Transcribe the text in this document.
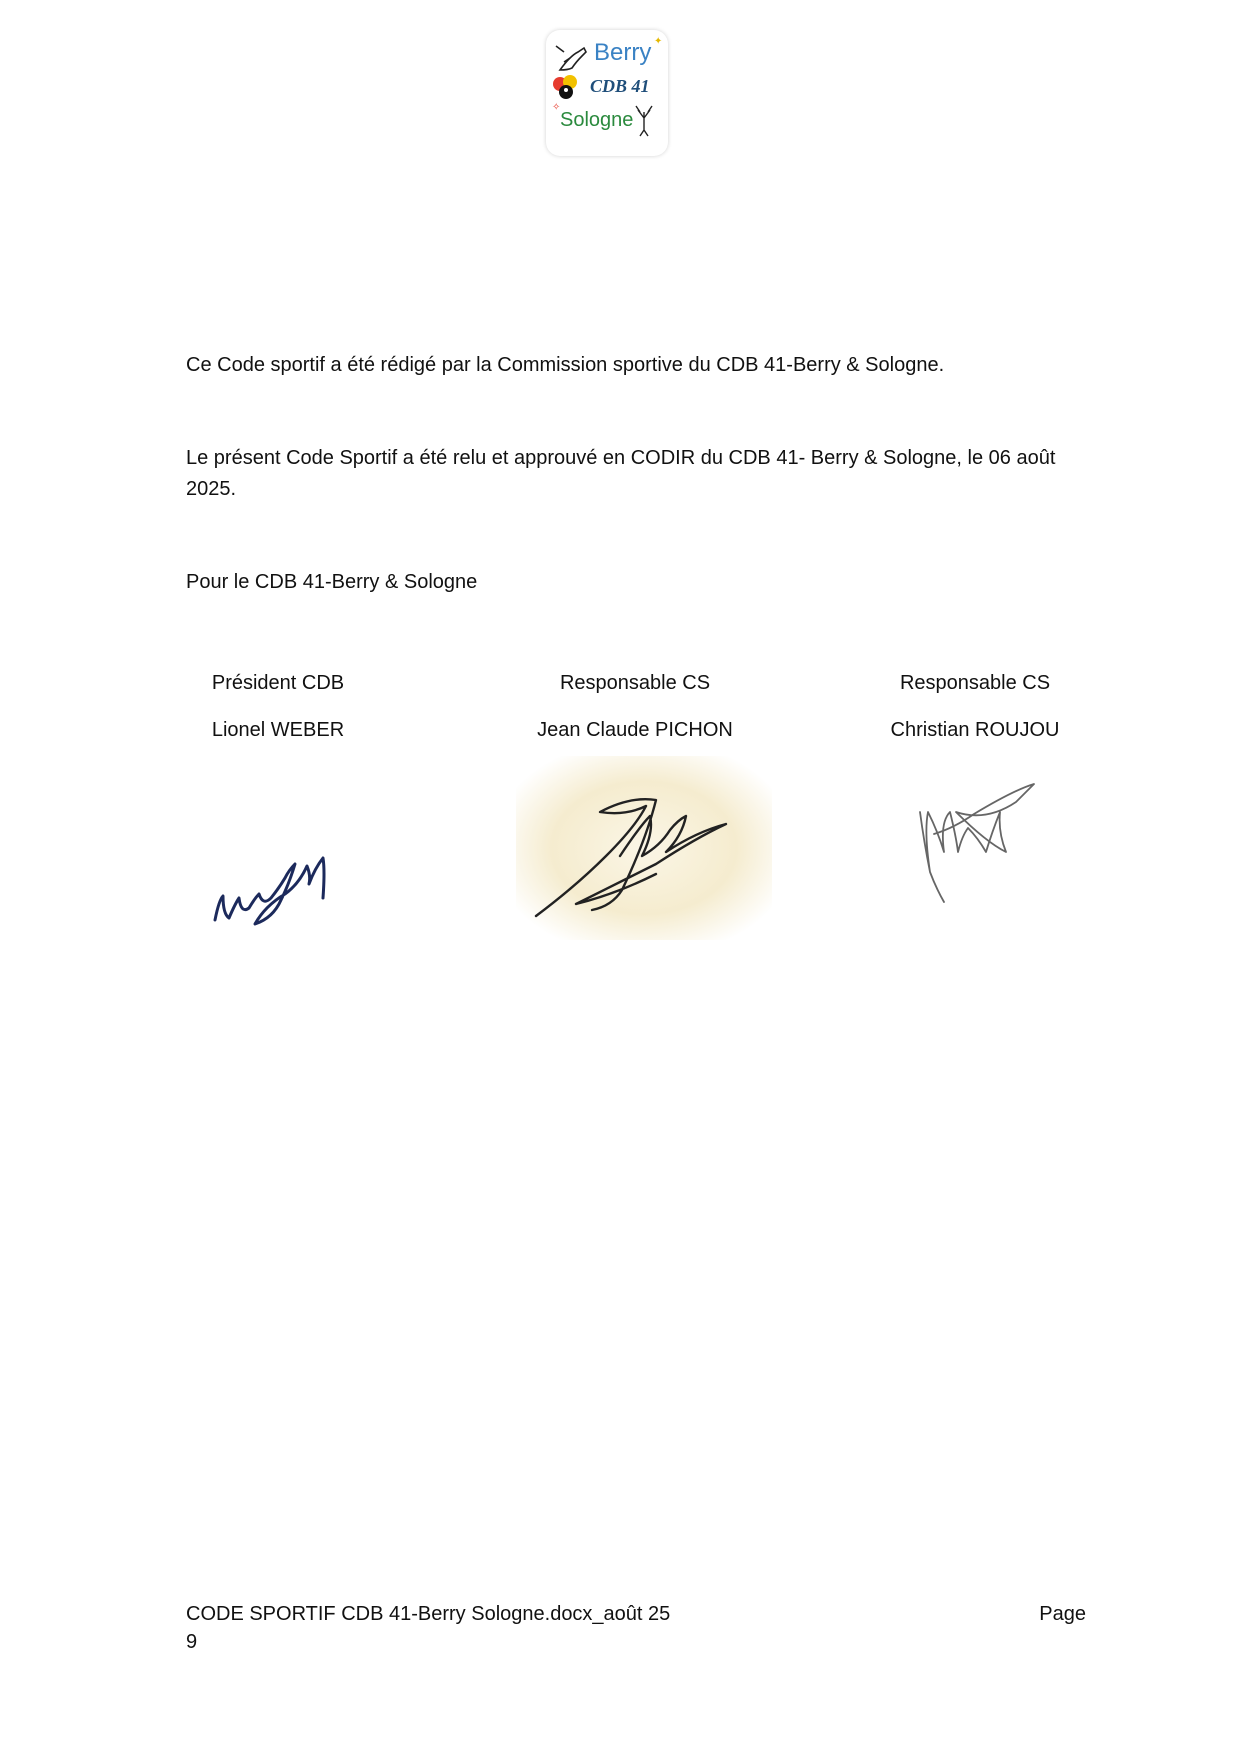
Berry ✦
CDB 41
Sologne
✧

Ce Code sportif a été rédigé par la Commission sportive du CDB 41-Berry & Sologne.

Le présent Code Sportif a été relu et approuvé en CODIR du CDB 41- Berry & Sologne, le 06 août 2025.

Pour le CDB 41-Berry & Sologne

Président CDB
Lionel WEBER
Responsable CS
Jean Claude PICHON
Responsable CS
Christian ROUJOU
CODE SPORTIF CDB 41-Berry Sologne.docx_août 25
9
Page
